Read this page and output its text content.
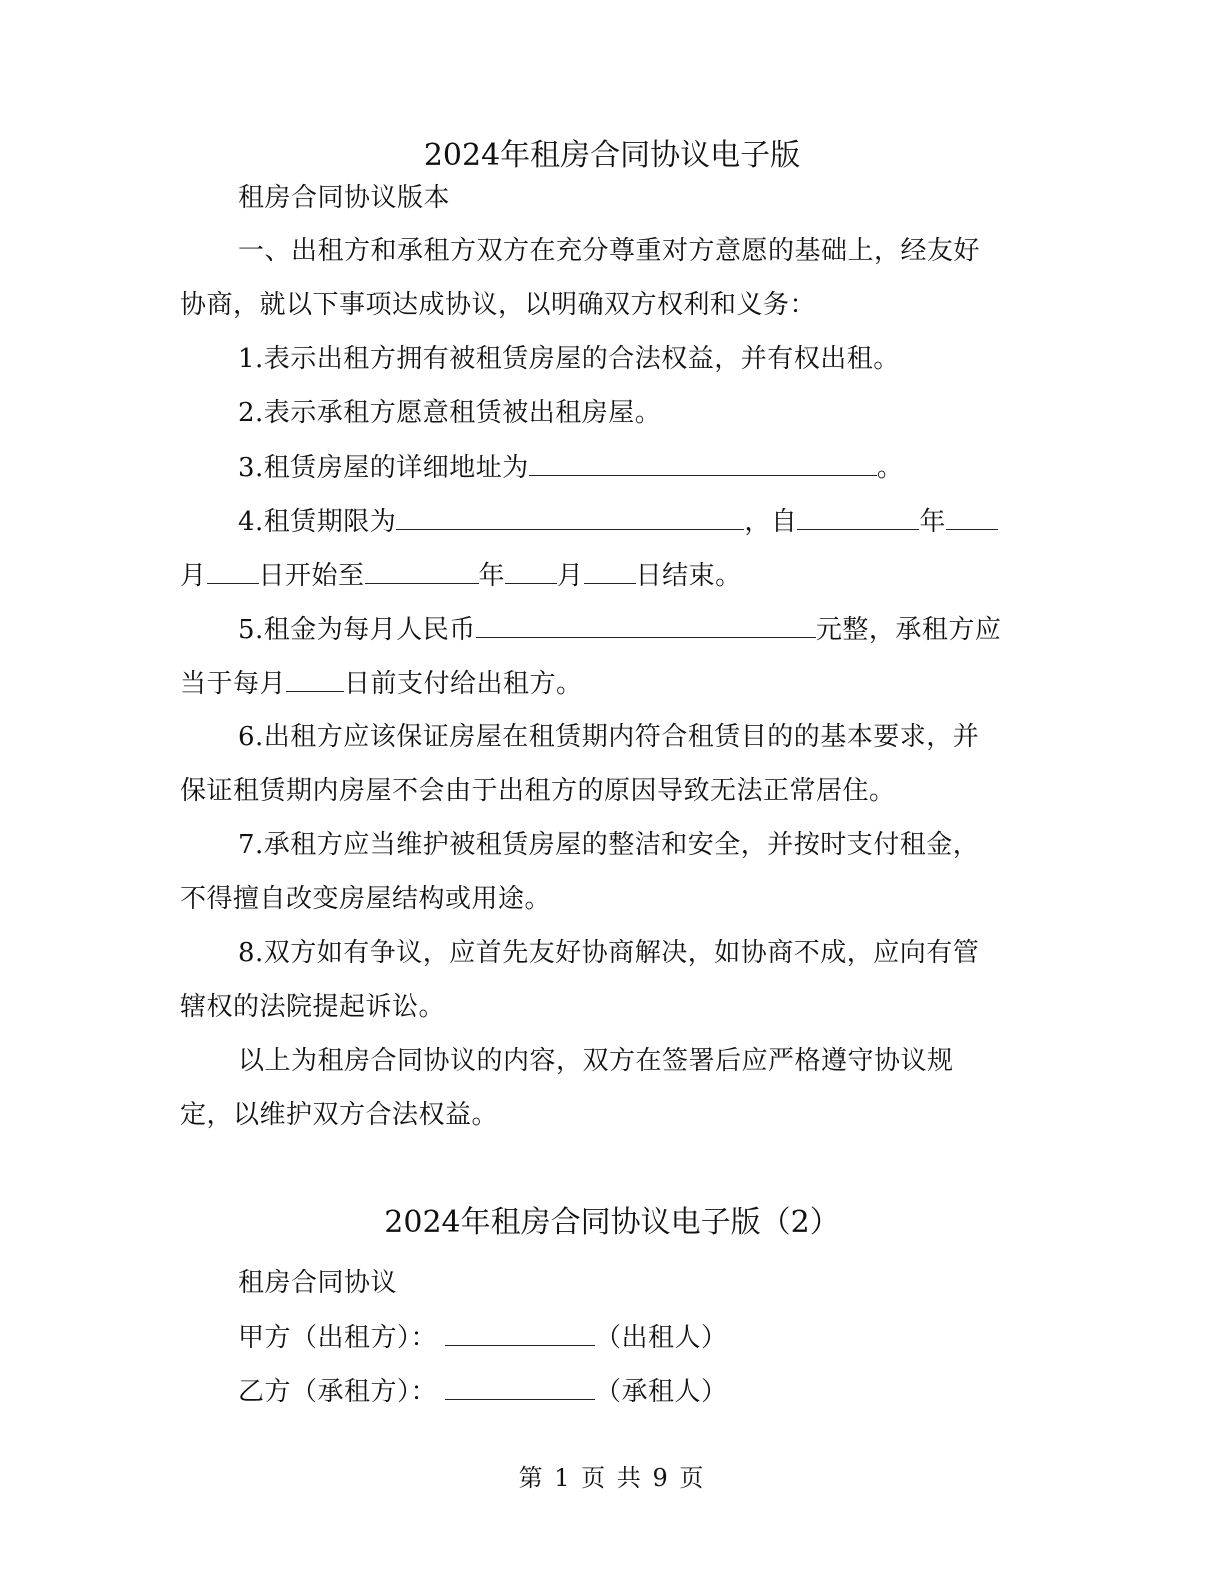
2024年租房合同协议电子版
租房合同协议版本
一、出租方和承租方双方在充分尊重对方意愿的基础上，经友好
协商，就以下事项达成协议，以明确双方权利和义务：
1.表示出租方拥有被租赁房屋的合法权益，并有权出租。
2.表示承租方愿意租赁被出租房屋。
3.租赁房屋的详细地址为	。
4.租赁期限为	，自	年
月 日开始至	年 月 日结束。
5.租金为每月人民币	元整，承租方应
当于每月 日前支付给出租方。
6.出租方应该保证房屋在租赁期内符合租赁目的的基本要求，并
保证租赁期内房屋不会由于出租方的原因导致无法正常居住。
7.承租方应当维护被租赁房屋的整洁和安全，并按时支付租金，
不得擅自改变房屋结构或用途。
8.双方如有争议，应首先友好协商解决，如协商不成，应向有管
辖权的法院提起诉讼。
以上为租房合同协议的内容，双方在签署后应严格遵守协议规
定，以维护双方合法权益。
2024年租房合同协议电子版（2）
租房合同协议
甲方（出租方）：	（出租人）
乙方（承租方）：	（承租人）
第 1 页 共 9 页
